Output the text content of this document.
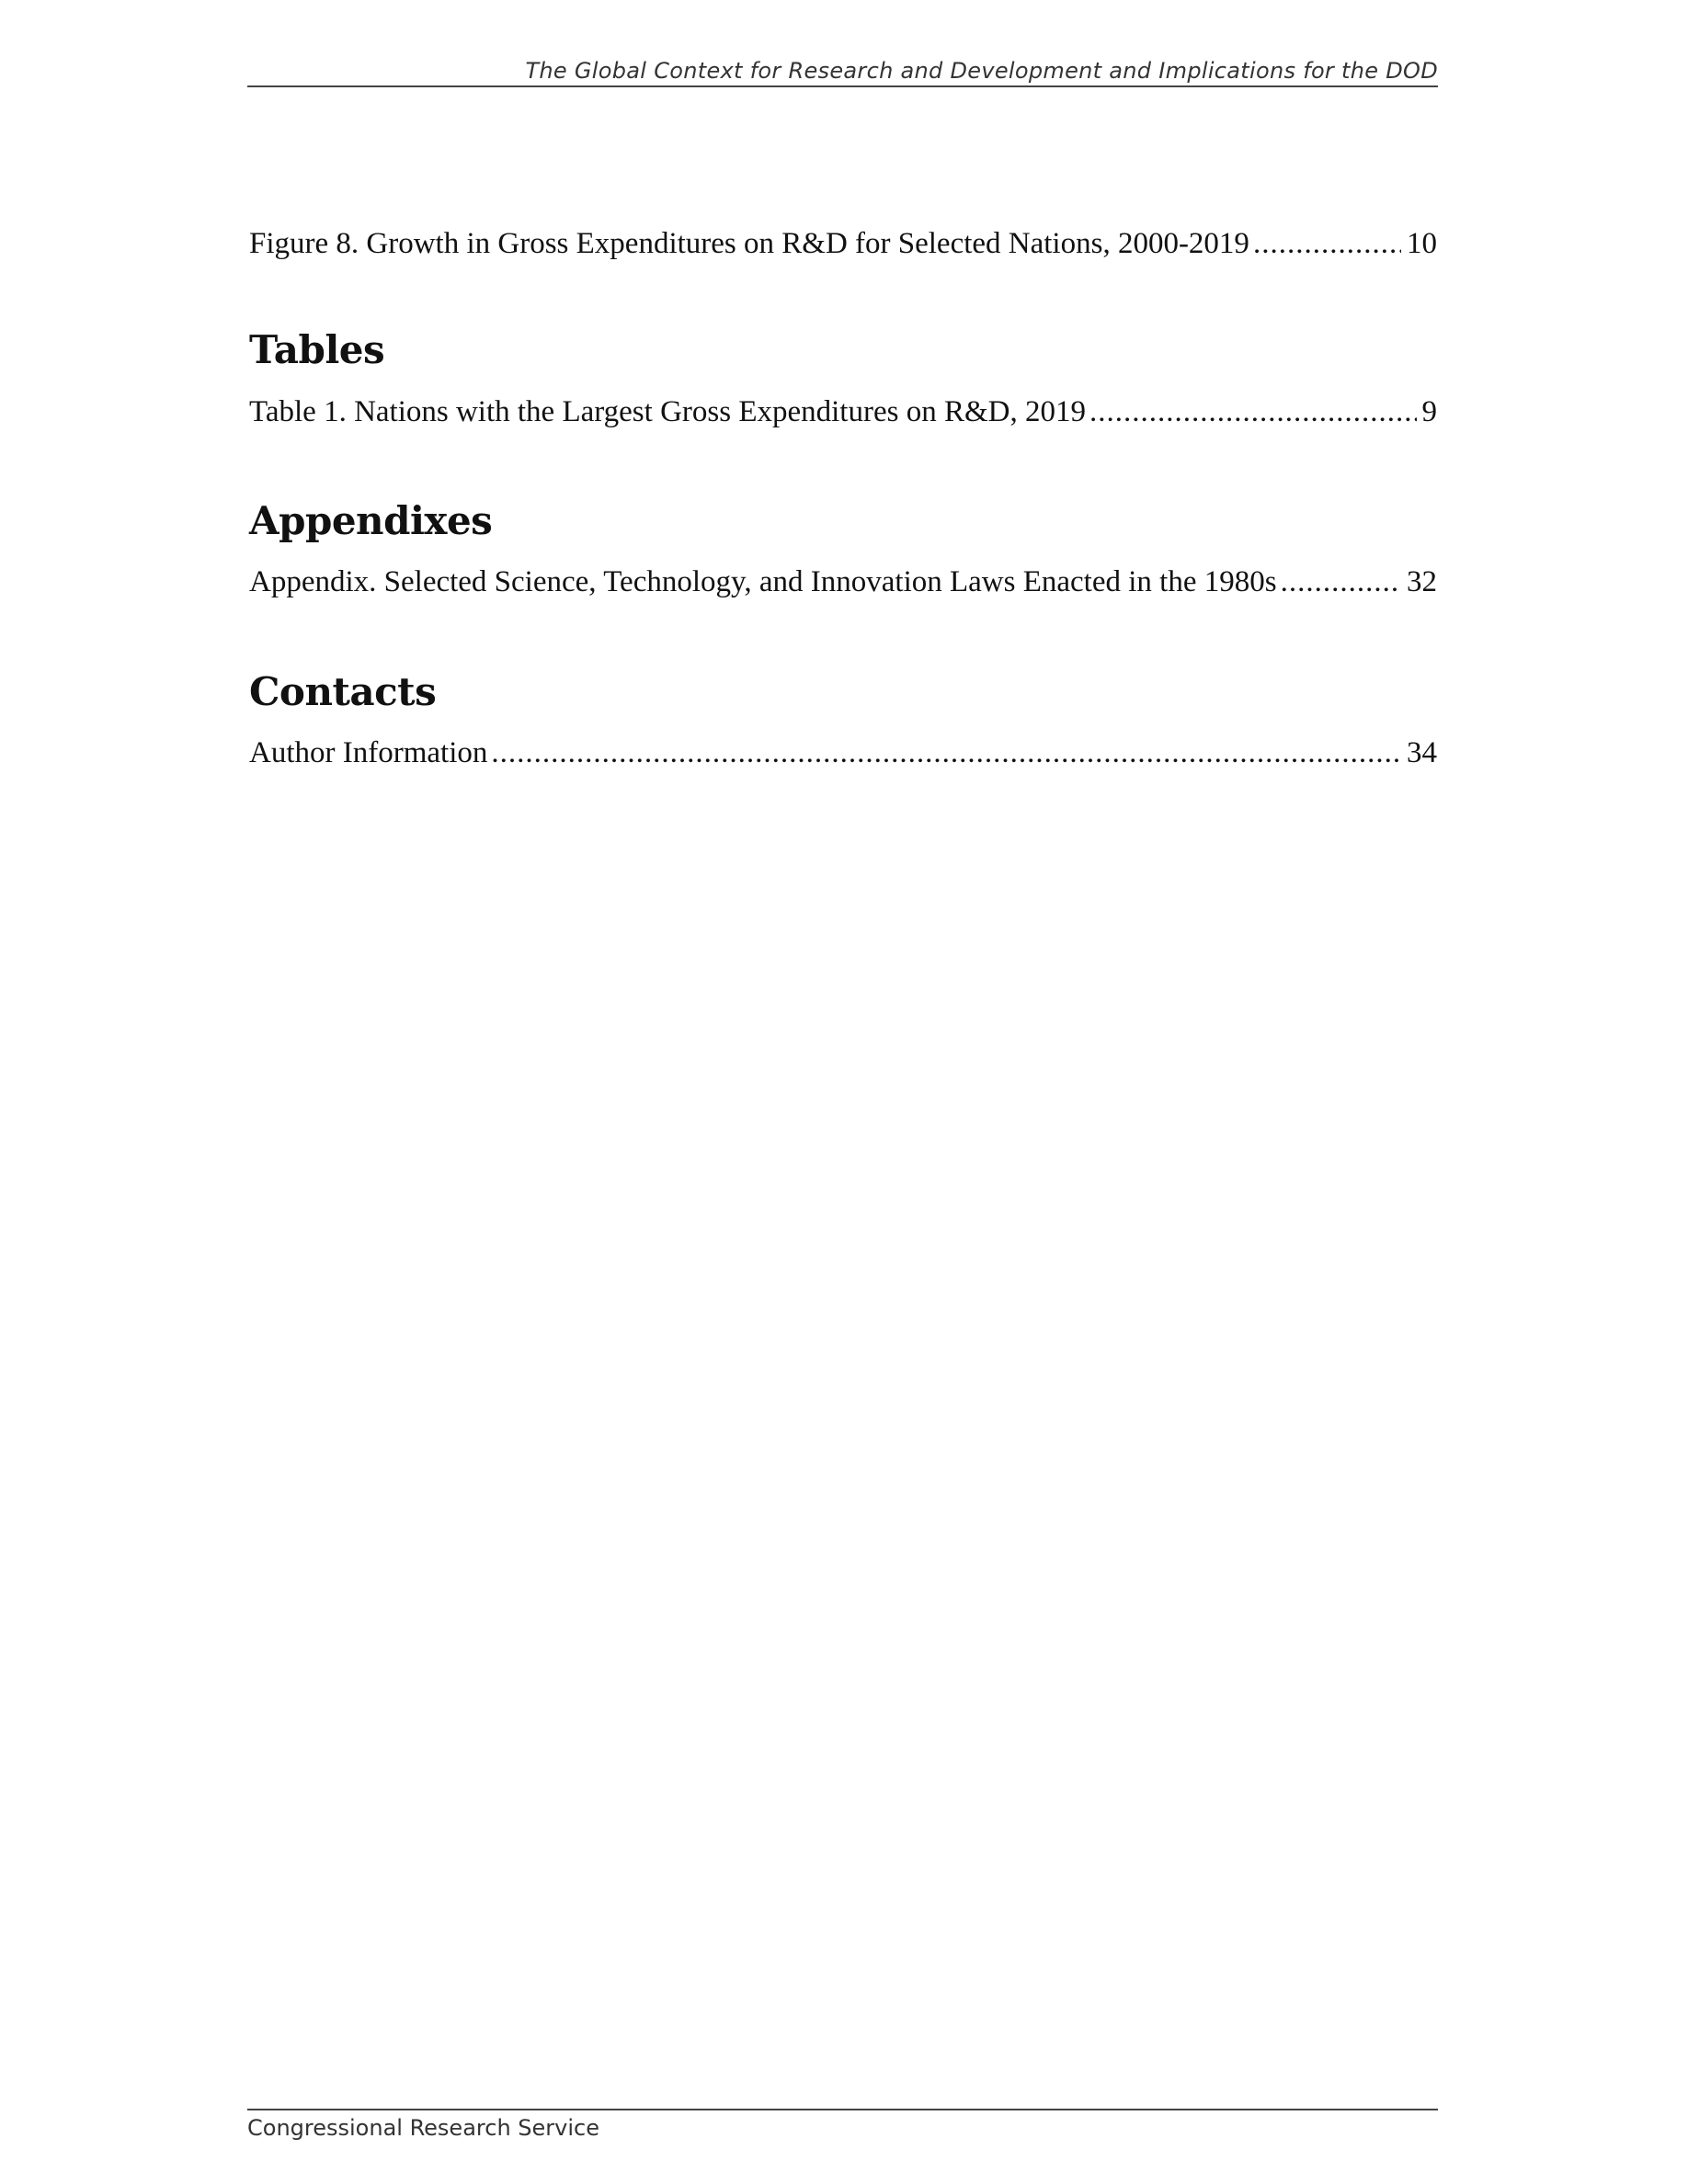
The Global Context for Research and Development and Implications for the DOD
Figure 8. Growth in Gross Expenditures on R&D for Selected Nations, 2000-2019 .....	10
Tables
Table 1. Nations with the Largest Gross Expenditures on R&D, 2019 .....	9
Appendixes
Appendix. Selected Science, Technology, and Innovation Laws Enacted in the 1980s .....	32
Contacts
Author Information .....	34
Congressional Research Service
